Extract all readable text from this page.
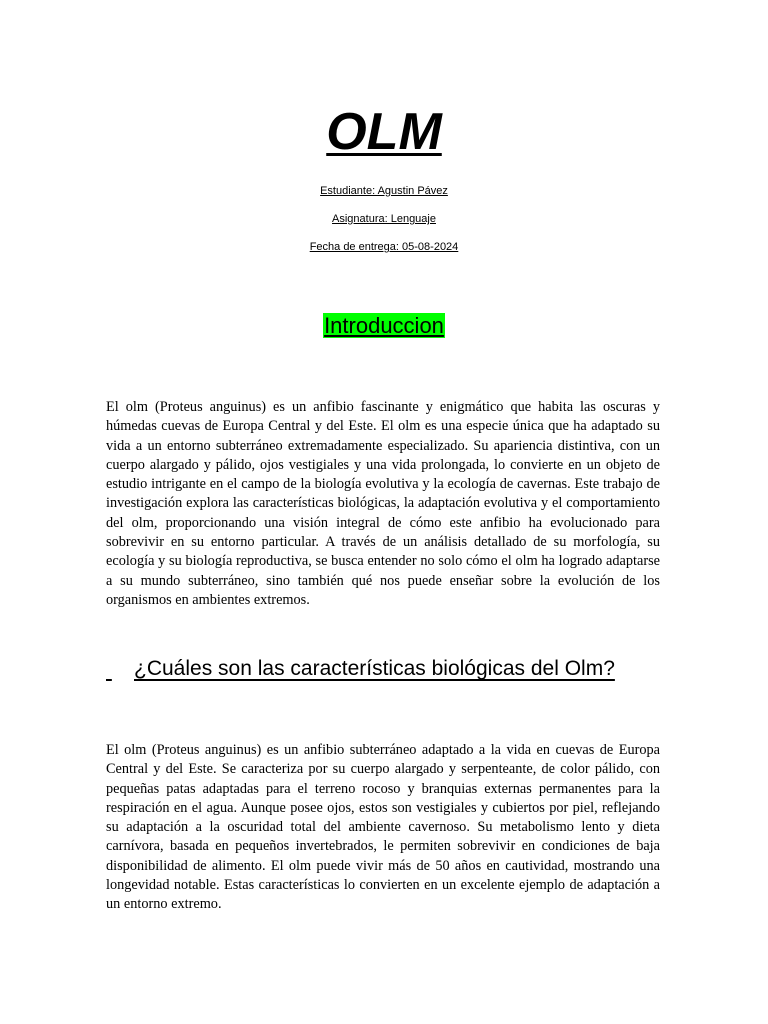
OLM

Estudiante: Agustin Pávez

Asignatura: Lenguaje

Fecha de entrega: 05-08-2024

Introduccion

El olm (Proteus anguinus) es un anfibio fascinante y enigmático que habita las oscuras y húmedas cuevas de Europa Central y del Este. El olm es una especie única que ha adaptado su vida a un entorno subterráneo extremadamente especializado. Su apariencia distintiva, con un cuerpo alargado y pálido, ojos vestigiales y una vida prolongada, lo convierte en un objeto de estudio intrigante en el campo de la biología evolutiva y la ecología de cavernas. Este trabajo de investigación explora las características biológicas, la adaptación evolutiva y el comportamiento del olm, proporcionando una visión integral de cómo este anfibio ha evolucionado para sobrevivir en su entorno particular. A través de un análisis detallado de su morfología, su ecología y su biología reproductiva, se busca entender no solo cómo el olm ha logrado adaptarse a su mundo subterráneo, sino también qué nos puede enseñar sobre la evolución de los organismos en ambientes extremos.

¿Cuáles son las características biológicas del Olm?

El olm (Proteus anguinus) es un anfibio subterráneo adaptado a la vida en cuevas de Europa Central y del Este. Se caracteriza por su cuerpo alargado y serpenteante, de color pálido, con pequeñas patas adaptadas para el terreno rocoso y branquias externas permanentes para la respiración en el agua. Aunque posee ojos, estos son vestigiales y cubiertos por piel, reflejando su adaptación a la oscuridad total del ambiente cavernoso. Su metabolismo lento y dieta carnívora, basada en pequeños invertebrados, le permiten sobrevivir en condiciones de baja disponibilidad de alimento. El olm puede vivir más de 50 años en cautividad, mostrando una longevidad notable. Estas características lo convierten en un excelente ejemplo de adaptación a un entorno extremo.
